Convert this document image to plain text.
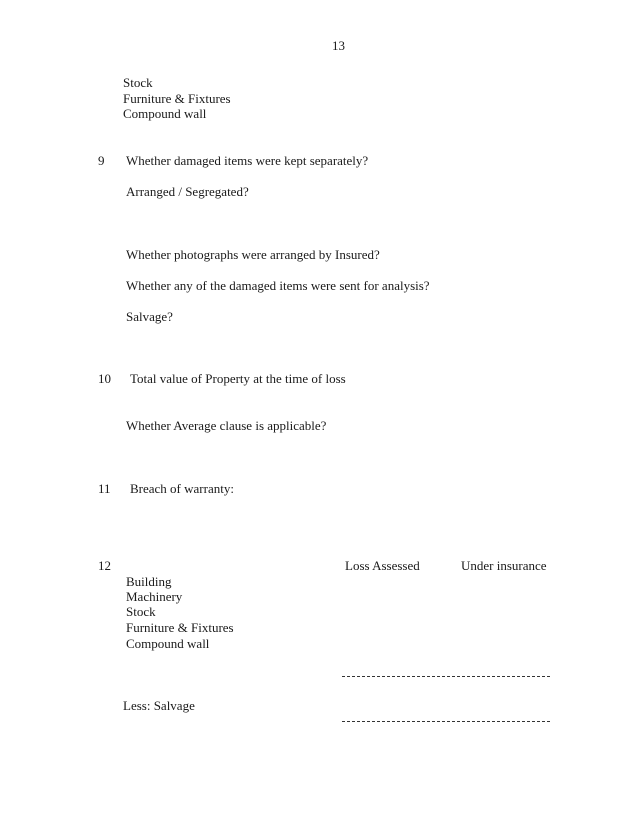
13
Stock
Furniture & Fixtures
Compound wall
9 Whether damaged items were kept separately?
Arranged / Segregated?
Whether photographs were arranged by Insured?
Whether any of the damaged items were sent for analysis?
Salvage?
10 Total value of Property at the time of loss
Whether Average clause is applicable?
11 Breach of warranty:
12	Loss Assessed	Under insurance
Building
Machinery
Stock
Furniture & Fixtures
Compound wall
Less: Salvage
